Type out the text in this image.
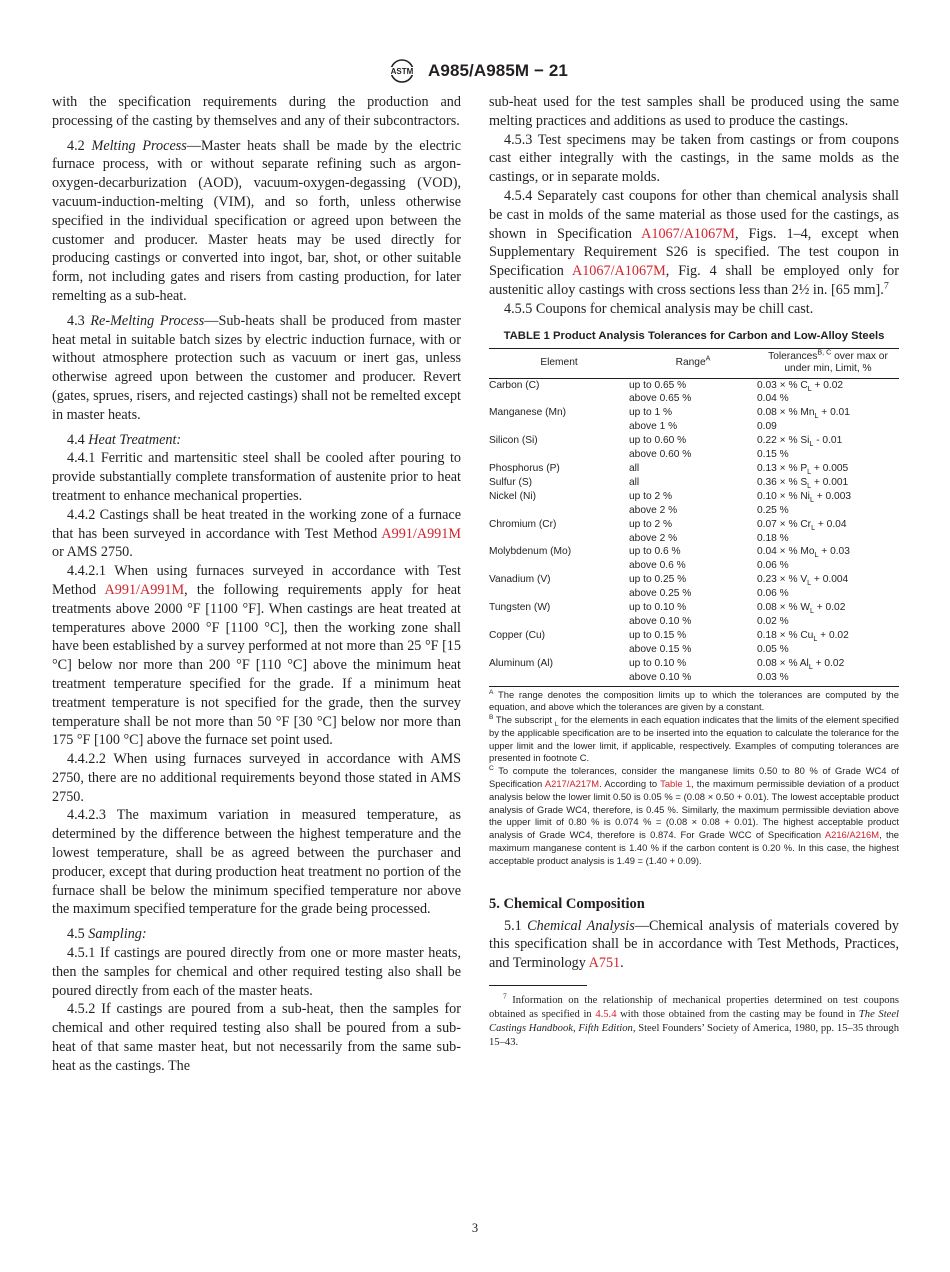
ASTM A985/A985M − 21

with the specification requirements during the production and processing of the casting by themselves and any of their subcontractors.

4.2 Melting Process—Master heats shall be made by the electric furnace process, with or without separate refining such as argon-oxygen-decarburization (AOD), vacuum-oxygen-degassing (VOD), vacuum-induction-melting (VIM), and so forth, unless otherwise specified in the individual specification or agreed upon between the customer and producer. Master heats may be used directly for producing castings or converted into ingot, bar, shot, or other suitable form, not including gates and risers from casting production, for later remelting as a sub-heat.

4.3 Re-Melting Process—Sub-heats shall be produced from master heat metal in suitable batch sizes by electric induction furnace, with or without atmosphere protection such as vacuum or inert gas, unless otherwise agreed upon between the customer and producer. Revert (gates, sprues, risers, and rejected castings) shall not be remelted except in master heats.

4.4 Heat Treatment:

4.4.1 Ferritic and martensitic steel shall be cooled after pouring to provide substantially complete transformation of austenite prior to heat treatment to enhance mechanical properties.

4.4.2 Castings shall be heat treated in the working zone of a furnace that has been surveyed in accordance with Test Method A991/A991M or AMS 2750.

4.4.2.1 When using furnaces surveyed in accordance with Test Method A991/A991M, the following requirements apply for heat treatments above 2000 °F [1100 °F]. When castings are heat treated at temperatures above 2000 °F [1100 °C], then the working zone shall have been established by a survey performed at not more than 25 °F [15 °C] below nor more than 200 °F [110 °C] above the minimum heat treatment temperature specified for the grade. If a minimum heat treatment temperature is not specified for the grade, then the survey temperature shall be not more than 50 °F [30 °C] below nor more than 175 °F [100 °C] above the furnace set point used.

4.4.2.2 When using furnaces surveyed in accordance with AMS 2750, there are no additional requirements beyond those stated in AMS 2750.

4.4.2.3 The maximum variation in measured temperature, as determined by the difference between the highest temperature and the lowest temperature, shall be as agreed between the purchaser and producer, except that during production heat treatment no portion of the furnace shall be below the minimum specified temperature nor above the maximum specified temperature for the grade being processed.

4.5 Sampling:

4.5.1 If castings are poured directly from one or more master heats, then the samples for chemical and other required testing also shall be poured directly from each of the master heats.

4.5.2 If castings are poured from a sub-heat, then the samples for chemical and other required testing also shall be poured from a sub-heat of that same master heat, but not necessarily from the same sub-heat as the castings. The

sub-heat used for the test samples shall be produced using the same melting practices and additions as used to produce the castings.

4.5.3 Test specimens may be taken from castings or from coupons cast either integrally with the castings, in the same molds as the castings, or in separate molds.

4.5.4 Separately cast coupons for other than chemical analysis shall be cast in molds of the same material as those used for the castings, as shown in Specification A1067/A1067M, Figs. 1–4, except when Supplementary Requirement S26 is specified. The test coupon in Specification A1067/A1067M, Fig. 4 shall be employed only for austenitic alloy castings with cross sections less than 2½ in. [65 mm].$^7$

4.5.5 Coupons for chemical analysis may be chill cast.

TABLE 1 Product Analysis Tolerances for Carbon and Low-Alloy Steels
Element	Range$^A$	Tolerances$^{B, C}$ over max or under min, Limit, %
Carbon (C)	up to 0.65 %	0.03 × % $C_L + 0.02$
	above 0.65 %	0.04 %
Manganese (Mn)	up to 1 %	0.08 × % $Mn_L + 0.01$
	above 1 %	0.09
Silicon (Si)	up to 0.60 %	0.22 × % $Si_L - 0.01$
	above 0.60 %	0.15 %
Phosphorus (P)	all	0.13 × % $P_L + 0.005$
Sulfur (S)	all	0.36 × % $S_L + 0.001$
Nickel (Ni)	up to 2 %	0.10 × % $Ni_L + 0.003$
	above 2 %	0.25 %
Chromium (Cr)	up to 2 %	0.07 × % $Cr_L + 0.04$
	above 2 %	0.18 %
Molybdenum (Mo)	up to 0.6 %	0.04 × % $Mo_L + 0.03$
	above 0.6 %	0.06 %
Vanadium (V)	up to 0.25 %	0.23 × % $V_L + 0.004$
	above 0.25 %	0.06 %
Tungsten (W)	up to 0.10 %	0.08 × % $W_L + 0.02$
	above 0.10 %	0.02 %
Copper (Cu)	up to 0.15 %	0.18 × % $Cu_L + 0.02$
	above 0.15 %	0.05 %
Aluminum (Al)	up to 0.10 %	0.08 × % $Al_L + 0.02$
	above 0.10 %	0.03 %

$^A$ The range denotes the composition limits up to which the tolerances are computed by the equation, and above which the tolerances are given by a constant.

$^B$ The subscript $_L$ for the elements in each equation indicates that the limits of the element specified by the applicable specification are to be inserted into the equation to calculate the tolerance for the upper limit and the lower limit, if applicable, respectively. Examples of computing tolerances are presented in footnote C.

$^C$ To compute the tolerances, consider the manganese limits 0.50 to 80 % of Grade WC4 of Specification A217/A217M. According to Table 1, the maximum permissible deviation of a product analysis below the lower limit 0.50 is 0.05 % = (0.08 × 0.50 + 0.01). The lowest acceptable product analysis of Grade WC4, therefore, is 0.45 %. Similarly, the maximum permissible deviation above the upper limit of 0.80 % is 0.074 % = (0.08 × 0.08 + 0.01). The highest acceptable product analysis of Grade WC4, therefore is 0.874. For Grade WCC of Specification A216/A216M, the maximum manganese content is 1.40 % if the carbon content is 0.20 %. In this case, the highest acceptable product analysis is 1.49 = (1.40 + 0.09).

5. Chemical Composition

5.1 Chemical Analysis—Chemical analysis of materials covered by this specification shall be in accordance with Test Methods, Practices, and Terminology A751.

$^7$ Information on the relationship of mechanical properties determined on test coupons obtained as specified in 4.5.4 with those obtained from the casting may be found in The Steel Castings Handbook, Fifth Edition, Steel Founders’ Society of America, 1980, pp. 15–35 through 15–43.

3
